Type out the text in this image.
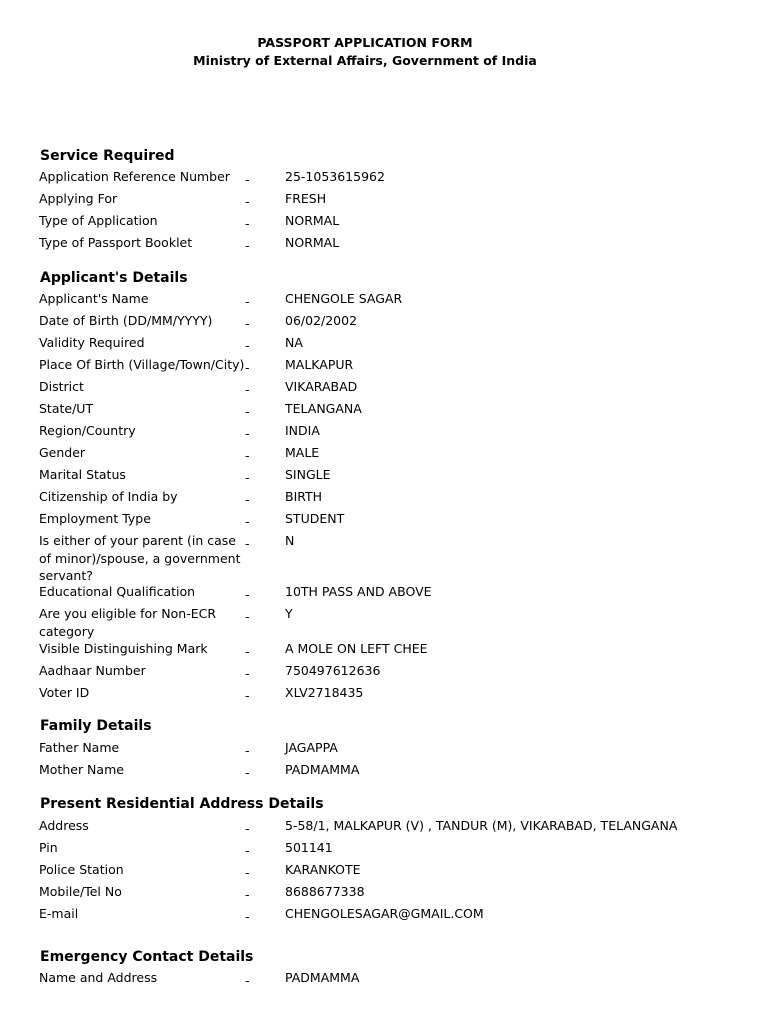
PASSPORT APPLICATION FORM
Ministry of External Affairs, Government of India
Service Required
Application Reference Number	-	25-1053615962
Applying For	-	FRESH
Type of Application	-	NORMAL
Type of Passport Booklet	-	NORMAL
Applicant's Details
Applicant's Name	-	CHENGOLE SAGAR
Date of Birth (DD/MM/YYYY)	-	06/02/2002
Validity Required	-	NA
Place Of Birth (Village/Town/City) -	MALKAPUR
District	-	VIKARABAD
State/UT	-	TELANGANA
Region/Country	-	INDIA
Gender	-	MALE
Marital Status	-	SINGLE
Citizenship of India by	-	BIRTH
Employment Type	-	STUDENT
Is either of your parent (in case of minor)/spouse, a government servant?
-	N
Educational Qualification	-	10TH PASS AND ABOVE
Are you eligible for Non-ECR category
-	Y
Visible Distinguishing Mark	-	A MOLE ON LEFT CHEE
Aadhaar Number	-	750497612636
Voter ID	-	XLV2718435
Family Details
Father Name	-	JAGAPPA
Mother Name	-	PADMAMMA
Present Residential Address Details
Address	-	5-58/1, MALKAPUR (V) , TANDUR (M), VIKARABAD, TELANGANA
Pin	-	501141
Police Station	-	KARANKOTE
Mobile/Tel No	-	8688677338
E-mail	-	CHENGOLESAGAR@GMAIL.COM
Emergency Contact Details
Name and Address	-	PADMAMMA
